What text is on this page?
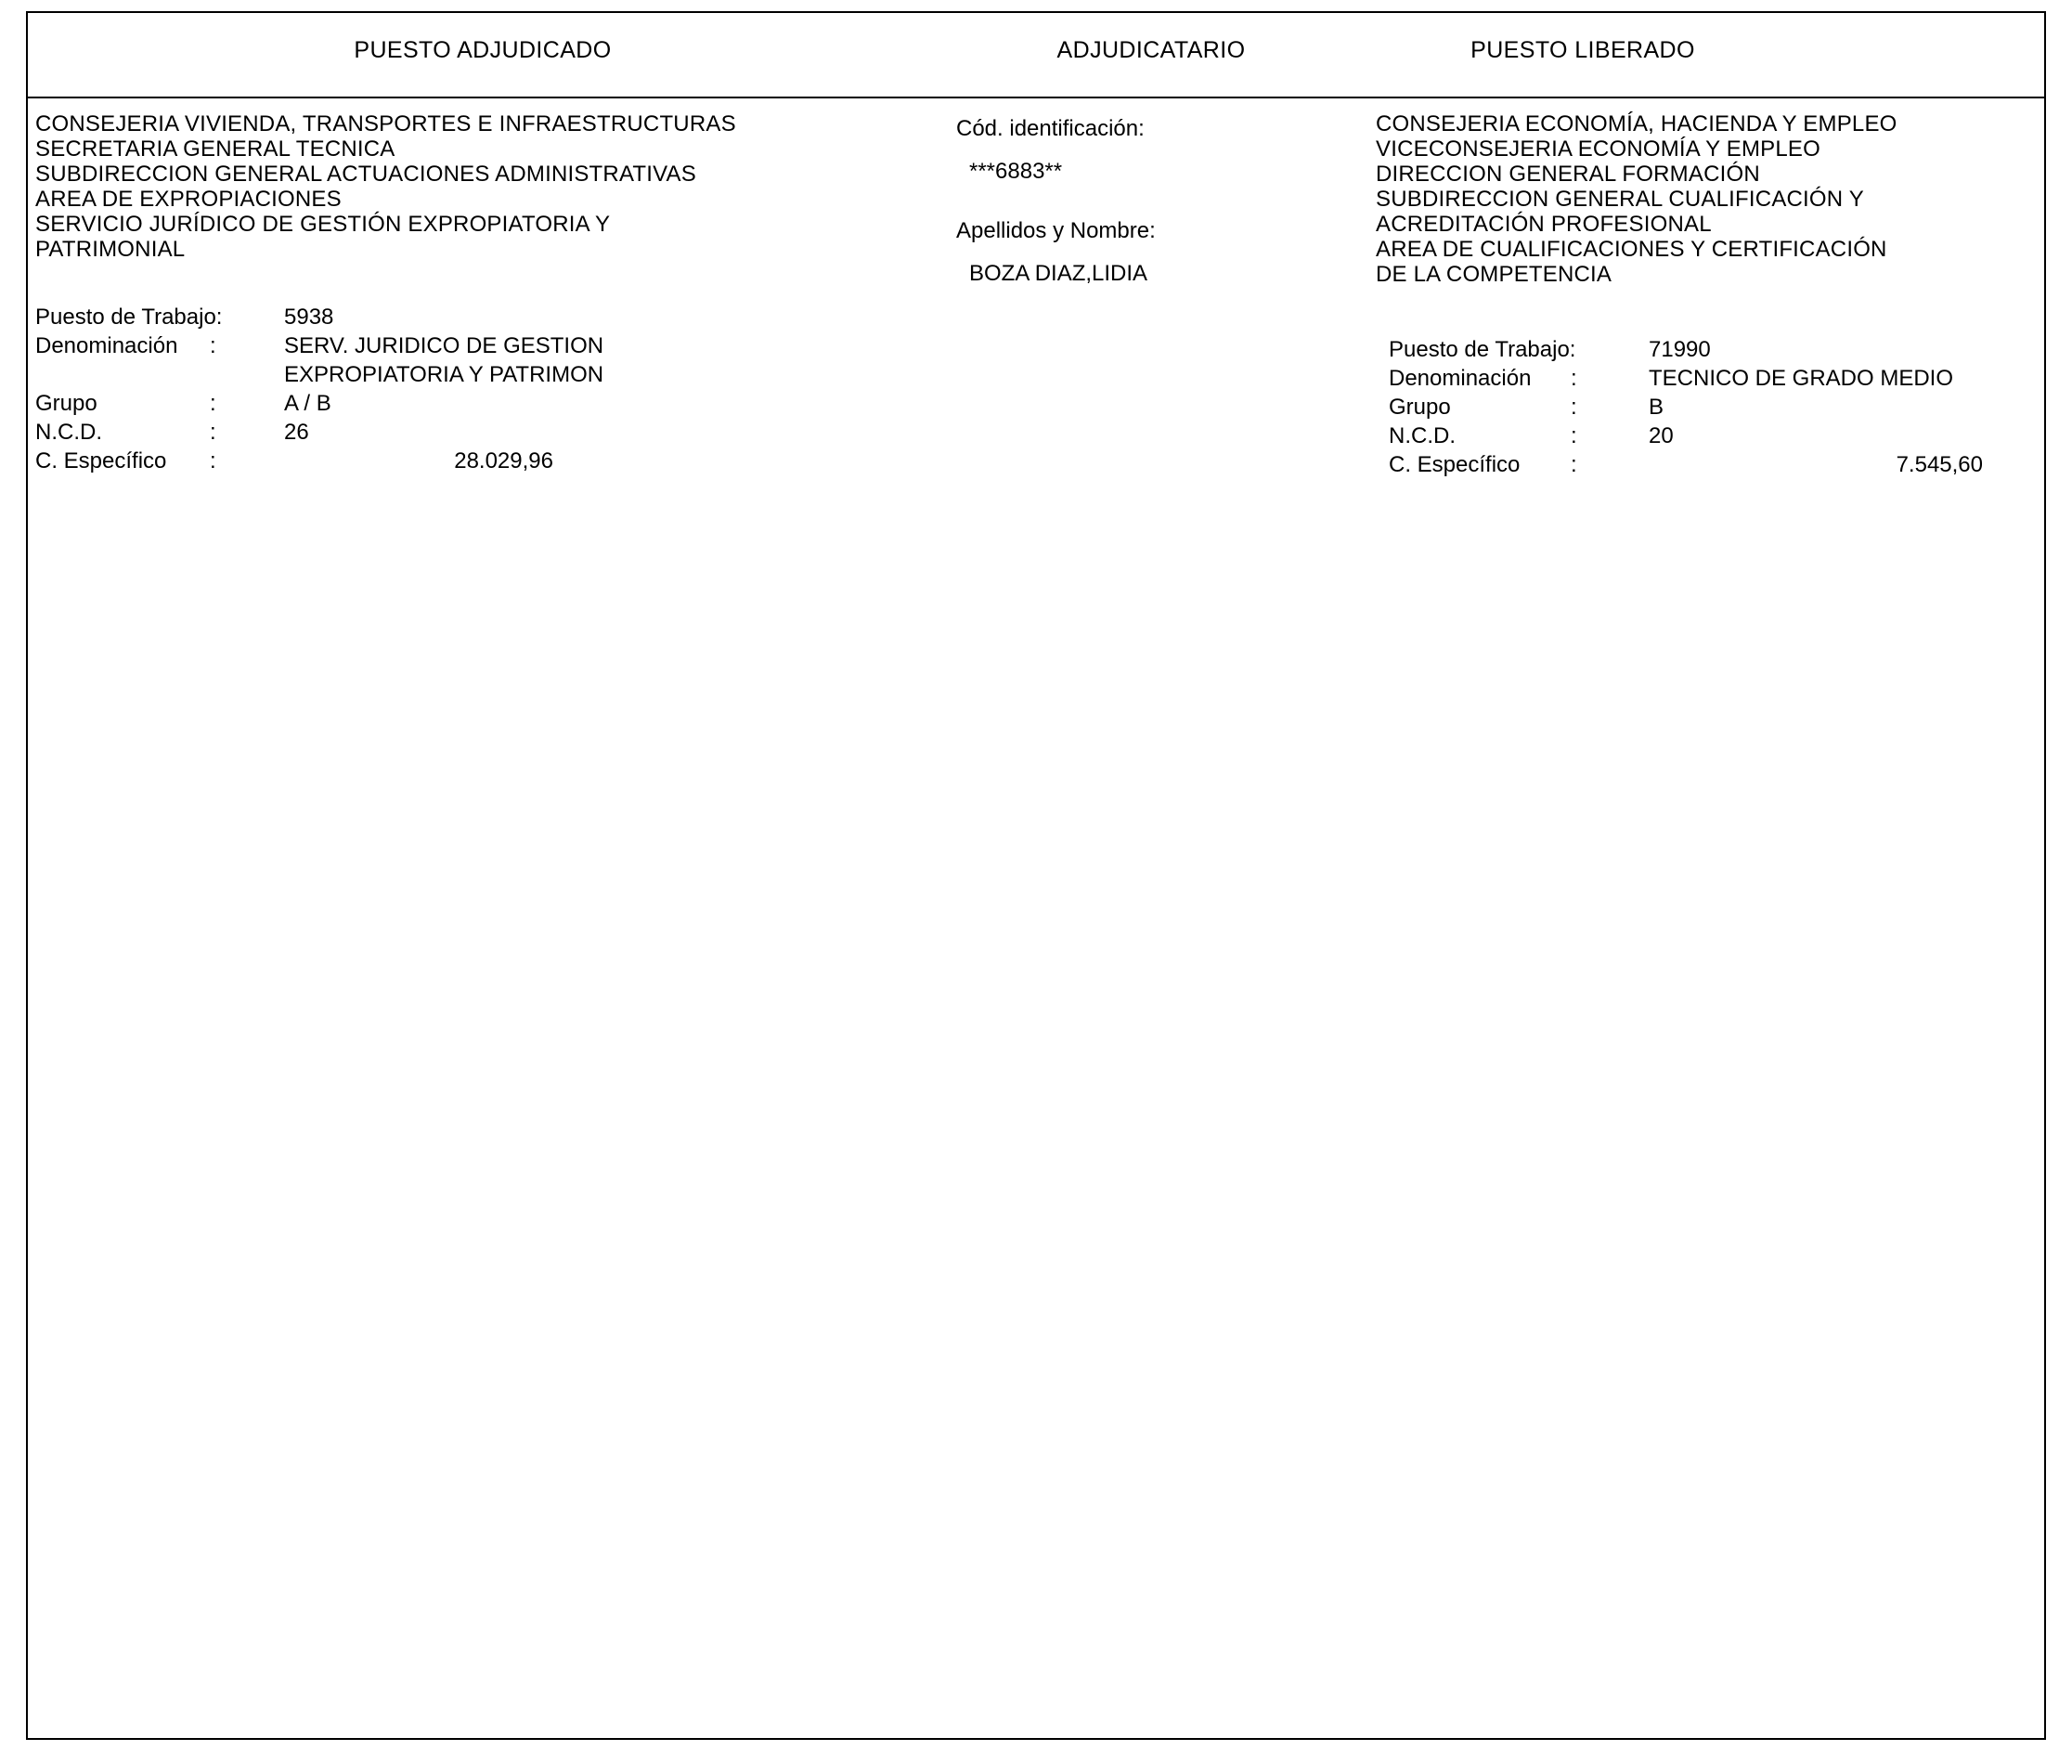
PUESTO ADJUDICADO	ADJUDICATARIO	PUESTO LIBERADO
CONSEJERIA VIVIENDA, TRANSPORTES E INFRAESTRUCTURAS
SECRETARIA GENERAL TECNICA
SUBDIRECCION GENERAL ACTUACIONES ADMINISTRATIVAS
AREA DE EXPROPIACIONES
SERVICIO JURÍDICO DE GESTIÓN EXPROPIATORIA Y
PATRIMONIAL
Puesto de Trabajo:	5938
Denominación :	SERV. JURIDICO DE GESTION
EXPROPIATORIA Y PATRIMON
Grupo	:	A / B
N.C.D.	:	26
C. Específico :	28.029,96
Cód. identificación:
***6883**
Apellidos y Nombre:
BOZA DIAZ,LIDIA
CONSEJERIA ECONOMÍA, HACIENDA Y EMPLEO
VICECONSEJERIA ECONOMÍA Y EMPLEO
DIRECCION GENERAL FORMACIÓN
SUBDIRECCION GENERAL CUALIFICACIÓN Y
ACREDITACIÓN PROFESIONAL
AREA DE CUALIFICACIONES Y CERTIFICACIÓN
DE LA COMPETENCIA
Puesto de Trabajo:	71990
Denominación :	TECNICO DE GRADO MEDIO
Grupo	:	B
N.C.D.	:	20
C. Específico :	7.545,60
